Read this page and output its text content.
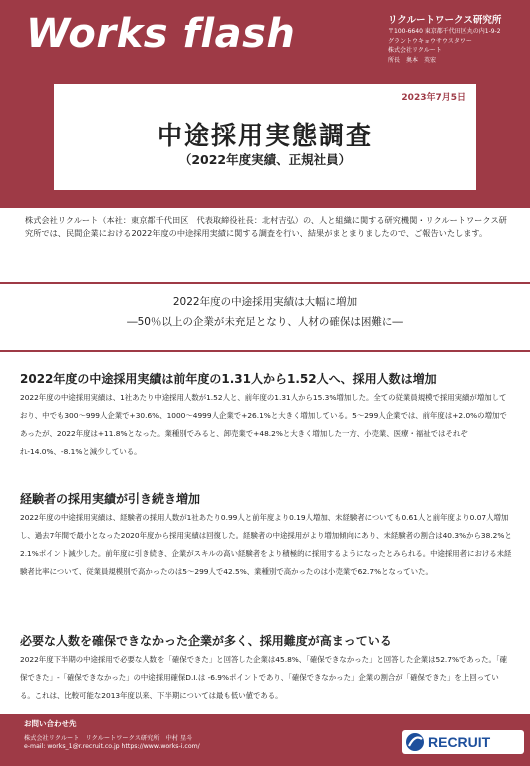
Works flash	リクルートワークス研究所
〒100-6640 東京都千代田区丸の内1-9-2
グラントウキョウサウスタワー
株式会社リクルート
所長　奥本　英宏
2023年7月5日
中途採用実態調査
（2022年度実績、正規社員）
株式会社リクルート（本社：東京都千代田区　代表取締役社長：北村吉弘）の、人と組織に関する研究機関・リクルートワークス研究所では、民間企業における2022年度の中途採用実績に関する調査を行い、結果がまとまりましたので、ご報告いたします。
2022年度の中途採用実績は大幅に増加
―50％以上の企業が未充足となり、人材の確保は困難に―
2022年度の中途採用実績は前年度の1.31人から1.52人へ、採用人数は増加
2022年度の中途採用実績は、1社あたり中途採用人数が1.52人と、前年度の1.31人から15.3%増加した。全ての従業員規模で採用実績が増加しており、中でも300～999人企業で+30.6%、1000～4999人企業で+26.1%と大きく増加している。5～299人企業では、前年度は+2.0%の増加であったが、2022年度は+11.8%となった。業種別でみると、卸売業で+48.2%と大きく増加した一方、小売業、医療・福祉ではそれぞれ-14.0%、-8.1%と減少している。
経験者の採用実績が引き続き増加
2022年度の中途採用実績は、経験者の採用人数が1社あたり0.99人と前年度より0.19人増加、未経験者についても0.61人と前年度より0.07人増加し、過去7年間で最小となった2020年度から採用実績は回復した。経験者の中途採用がより増加傾向にあり、未経験者の割合は40.3%から38.2%と2.1%ポイント減少した。前年度に引き続き、企業がスキルの高い経験者をより積極的に採用するようになったとみられる。中途採用者における未経験者比率について、従業員規模別で高かったのは5～299人で42.5%、業種別で高かったのは小売業で62.7%となっていた。
必要な人数を確保できなかった企業が多く、採用難度が高まっている
2022年度下半期の中途採用で必要な人数を「確保できた」と回答した企業は45.8%、「確保できなかった」と回答した企業は52.7%であった。「確保できた」-「確保できなかった」の中途採用確保D.I.は -6.9%ポイントであり、「確保できなかった」企業の割合が「確保できた」を上回っている。これは、比較可能な2013年度以来、下半期については最も低い値である。
お問い合わせ先
株式会社リクルート　リクルートワークス研究所　中村 星斗
e-mail: works_1@r.recruit.co.jp https://www.works-i.com/	RECRUIT
